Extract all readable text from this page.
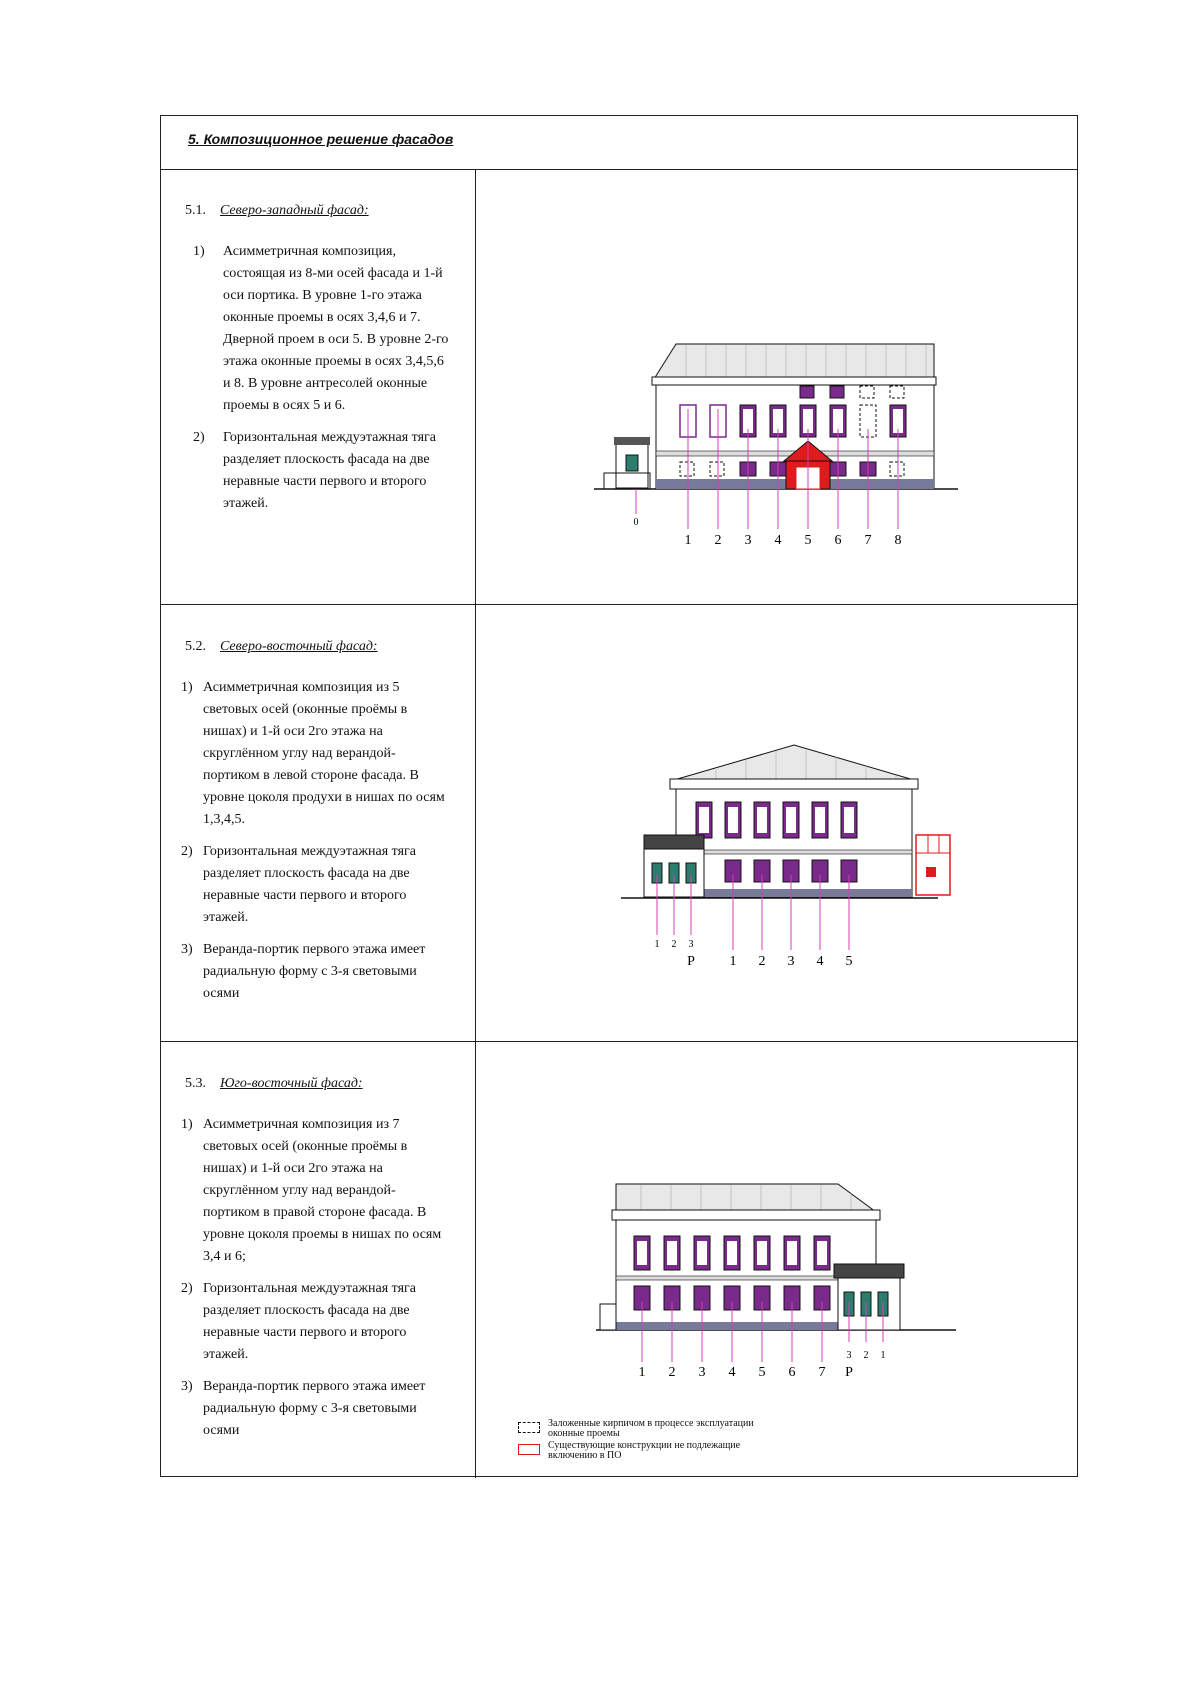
5. Композиционное решение фасадов
5.1. Северо-западный фасад:
1) Асимметричная композиция, состоящая из 8-ми осей фасада и 1-й оси портика. В уровне 1-го этажа оконные проемы в осях 3,4,6 и 7. Дверной проем в оси 5. В уровне 2-го этажа оконные проемы в осях 3,4,5,6 и 8. В уровне антресолей оконные проемы в осях 5 и 6.
2) Горизонтальная междуэтажная тяга разделяет плоскость фасада на две неравные части первого и второго этажей.
0
1 2 3 4 5 6 7 8
5.2. Северо-восточный фасад:
1) Асимметричная композиция из 5 световых осей (оконные проёмы в нишах) и 1-й оси 2го этажа на скруглённом углу над верандой-портиком в левой стороне фасада. В уровне цоколя продухи в нишах по осям 1,3,4,5.
2) Горизонтальная междуэтажная тяга разделяет плоскость фасада на две неравные части первого и второго этажей.
3) Веранда-портик первого этажа имеет радиальную форму с 3-я световыми осями
1 2 3
P 1 2 3 4 5
5.3. Юго-восточный фасад:
1) Асимметричная композиция из 7 световых осей (оконные проёмы в нишах) и 1-й оси 2го этажа на скруглённом углу над верандой-портиком в правой стороне фасада. В уровне цоколя проемы в нишах по осям 3,4 и 6;
2) Горизонтальная междуэтажная тяга разделяет плоскость фасада на две неравные части первого и второго этажей.
3) Веранда-портик первого этажа имеет радиальную форму с 3-я световыми осями
1 2 3 4 5 6 7 P
3 2 1
Заложенные кирпичом в процессе эксплуатации оконные проемы
Существующие конструкции не подлежащие включению в ПО
